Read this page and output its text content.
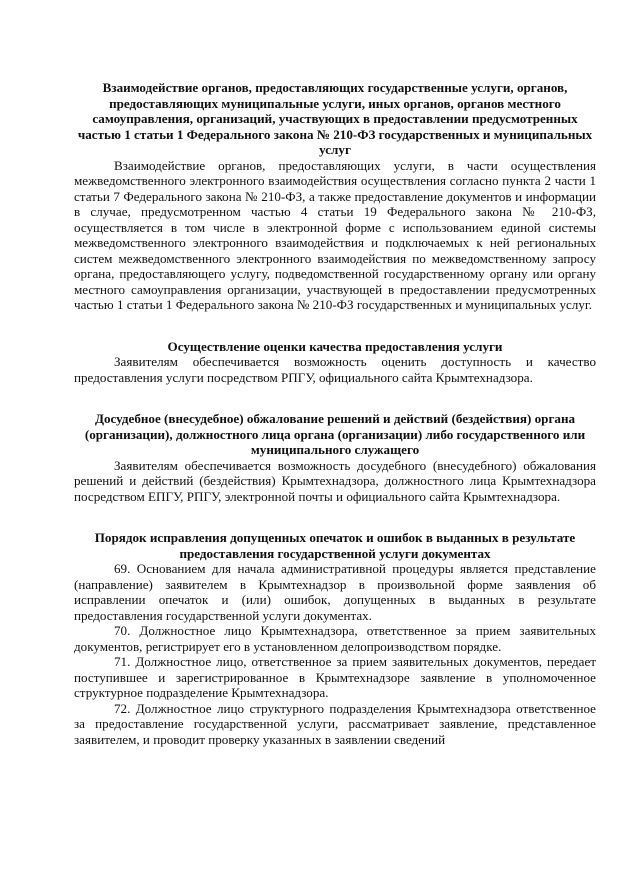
Взаимодействие органов, предоставляющих государственные услуги, органов, предоставляющих муниципальные услуги, иных органов, органов местного самоуправления, организаций, участвующих в предоставлении предусмотренных частью 1 статьи 1 Федерального закона № 210-ФЗ государственных и муниципальных услуг

Взаимодействие органов, предоставляющих услуги, в части осуществления межведомственного электронного взаимодействия осуществления согласно пункта 2 части 1 статьи 7 Федерального закона № 210-ФЗ, а также предоставление документов и информации в случае, предусмотренном частью 4 статьи 19 Федерального закона № 210-ФЗ, осуществляется в том числе в электронной форме с использованием единой системы межведомственного электронного взаимодействия и подключаемых к ней региональных систем межведомственного электронного взаимодействия по межведомственному запросу органа, предоставляющего услугу, подведомственной государственному органу или органу местного самоуправления организации, участвующей в предоставлении предусмотренных частью 1 статьи 1 Федерального закона № 210-ФЗ государственных и муниципальных услуг.

Осуществление оценки качества предоставления услуги

Заявителям обеспечивается возможность оценить доступность и качество предоставления услуги посредством РПГУ, официального сайта Крымтехнадзора.

Досудебное (внесудебное) обжалование решений и действий (бездействия) органа (организации), должностного лица органа (организации) либо государственного или муниципального служащего

Заявителям обеспечивается возможность досудебного (внесудебного) обжалования решений и действий (бездействия) Крымтехнадзора, должностного лица Крымтехнадзора посредством ЕПГУ, РПГУ, электронной почты и официального сайта Крымтехнадзора.

Порядок исправления допущенных опечаток и ошибок в выданных в результате предоставления государственной услуги документах

69. Основанием для начала административной процедуры является представление (направление) заявителем в Крымтехнадзор в произвольной форме заявления об исправлении опечаток и (или) ошибок, допущенных в выданных в результате предоставления государственной услуги документах.

70. Должностное лицо Крымтехнадзора, ответственное за прием заявительных документов, регистрирует его в установленном делопроизводством порядке.

71. Должностное лицо, ответственное за прием заявительных документов, передает поступившее и зарегистрированное в Крымтехнадзоре заявление в уполномоченное структурное подразделение Крымтехнадзора.

72. Должностное лицо структурного подразделения Крымтехнадзора ответственное за предоставление государственной услуги, рассматривает заявление, представленное заявителем, и проводит проверку указанных в заявлении сведений
